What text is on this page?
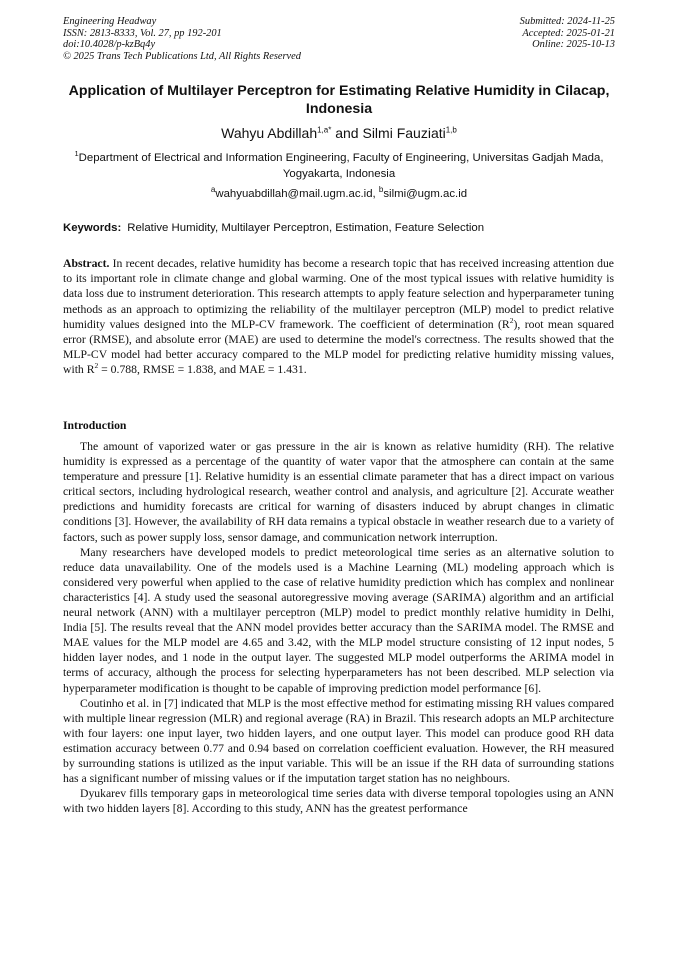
Engineering Headway
ISSN: 2813-8333, Vol. 27, pp 192-201
doi:10.4028/p-kzBq4y
© 2025 Trans Tech Publications Ltd, All Rights Reserved
Submitted: 2024-11-25
Accepted: 2025-01-21
Online: 2025-10-13
Application of Multilayer Perceptron for Estimating Relative Humidity in Cilacap, Indonesia
Wahyu Abdillah$^{1,a*}$ and Silmi Fauziati$^{1,b}$
$^1$Department of Electrical and Information Engineering, Faculty of Engineering, Universitas Gadjah Mada, Yogyakarta, Indonesia
$^a$wahyuabdillah@mail.ugm.ac.id, $^b$silmi@ugm.ac.id
Keywords: Relative Humidity, Multilayer Perceptron, Estimation, Feature Selection
Abstract. In recent decades, relative humidity has become a research topic that has received increasing attention due to its important role in climate change and global warming. One of the most typical issues with relative humidity is data loss due to instrument deterioration. This research attempts to apply feature selection and hyperparameter tuning methods as an approach to optimizing the reliability of the multilayer perceptron (MLP) model to predict relative humidity values designed into the MLP-CV framework. The coefficient of determination $(R^2)$, root mean squared error (RMSE), and absolute error (MAE) are used to determine the model's correctness. The results showed that the MLP-CV model had better accuracy compared to the MLP model for predicting relative humidity missing values, with $R^2 = 0.788$, RMSE = 1.838, and MAE = 1.431.
Introduction

The amount of vaporized water or gas pressure in the air is known as relative humidity (RH). The relative humidity is expressed as a percentage of the quantity of water vapor that the atmosphere can contain at the same temperature and pressure [1]. Relative humidity is an essential climate parameter that has a direct impact on various critical sectors, including hydrological research, weather control and analysis, and agriculture [2]. Accurate weather predictions and humidity forecasts are critical for warning of disasters induced by abrupt changes in climatic conditions [3]. However, the availability of RH data remains a typical obstacle in weather research due to a variety of factors, such as power supply loss, sensor damage, and communication network interruption.

Many researchers have developed models to predict meteorological time series as an alternative solution to reduce data unavailability. One of the models used is a Machine Learning (ML) modeling approach which is considered very powerful when applied to the case of relative humidity prediction which has complex and nonlinear characteristics [4]. A study used the seasonal autoregressive moving average (SARIMA) algorithm and an artificial neural network (ANN) with a multilayer perceptron (MLP) model to predict monthly relative humidity in Delhi, India [5]. The results reveal that the ANN model provides better accuracy than the SARIMA model. The RMSE and MAE values for the MLP model are 4.65 and 3.42, with the MLP model structure consisting of 12 input nodes, 5 hidden layer nodes, and 1 node in the output layer. The suggested MLP model outperforms the ARIMA model in terms of accuracy, although the process for selecting hyperparameters has not been described. MLP selection via hyperparameter modification is thought to be capable of improving prediction model performance [6].

Coutinho et al. in [7] indicated that MLP is the most effective method for estimating missing RH values compared with multiple linear regression (MLR) and regional average (RA) in Brazil. This research adopts an MLP architecture with four layers: one input layer, two hidden layers, and one output layer. This model can produce good RH data estimation accuracy between 0.77 and 0.94 based on correlation coefficient evaluation. However, the RH measured by surrounding stations is utilized as the input variable. This will be an issue if the RH data of surrounding stations has a significant number of missing values or if the imputation target station has no neighbours.

Dyukarev fills temporary gaps in meteorological time series data with diverse temporal topologies using an ANN with two hidden layers [8]. According to this study, ANN has the greatest performance
